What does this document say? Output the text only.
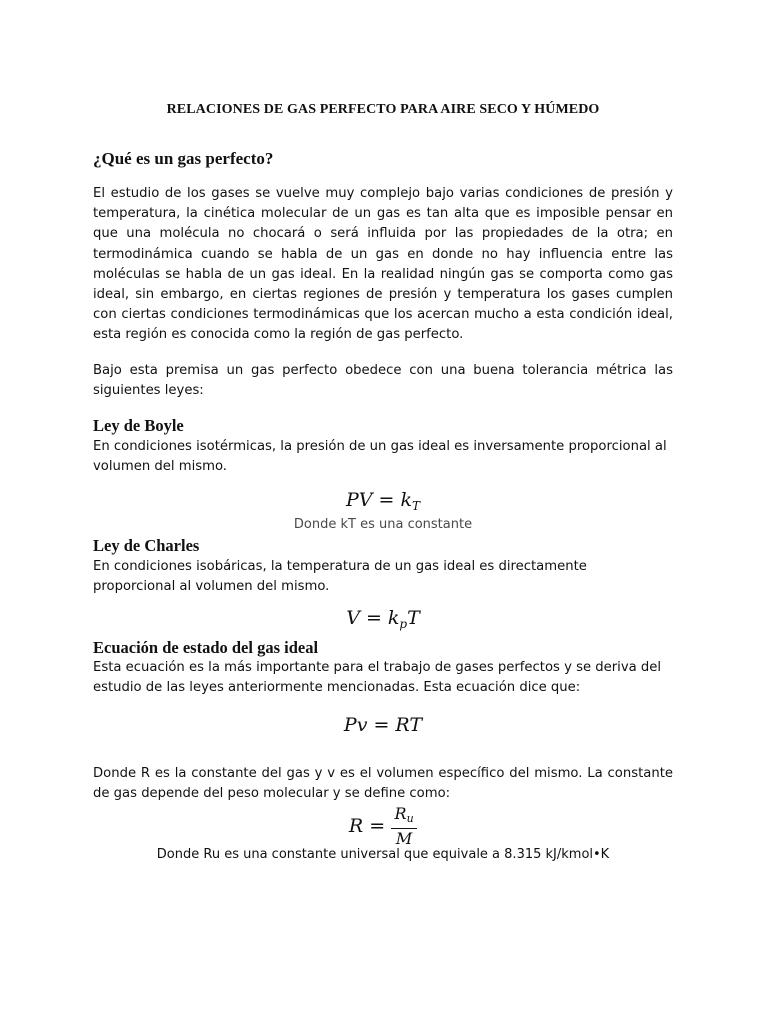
RELACIONES DE GAS PERFECTO PARA AIRE SECO Y HÚMEDO
¿Qué es un gas perfecto?

El estudio de los gases se vuelve muy complejo bajo varias condiciones de presión y temperatura, la cinética molecular de un gas es tan alta que es imposible pensar en que una molécula no chocará o será influida por las propiedades de la otra; en termodinámica cuando se habla de un gas en donde no hay influencia entre las moléculas se habla de un gas ideal. En la realidad ningún gas se comporta como gas ideal, sin embargo, en ciertas regiones de presión y temperatura los gases cumplen con ciertas condiciones termodinámicas que los acercan mucho a esta condición ideal, esta región es conocida como la región de gas perfecto.

Bajo esta premisa un gas perfecto obedece con una buena tolerancia métrica las siguientes leyes:

Ley de Boyle

En condiciones isotérmicas, la presión de un gas ideal es inversamente proporcional al volumen del mismo.

PV = $k_T$

Donde kT es una constante

Ley de Charles

En condiciones isobáricas, la temperatura de un gas ideal es directamente proporcional al volumen del mismo.

$V = k_pT$
Ecuación de estado del gas ideal

Esta ecuación es la más importante para el trabajo de gases perfectos y se deriva del estudio de las leyes anteriormente mencionadas. Esta ecuación dice que:

Pv = RT

Donde R es la constante del gas y v es el volumen específico del mismo. La constante de gas depende del peso molecular y se define como:

$R = \frac{R_u}{M}$

Donde Ru es una constante universal que equivale a 8.315 kJ/kmol•K
